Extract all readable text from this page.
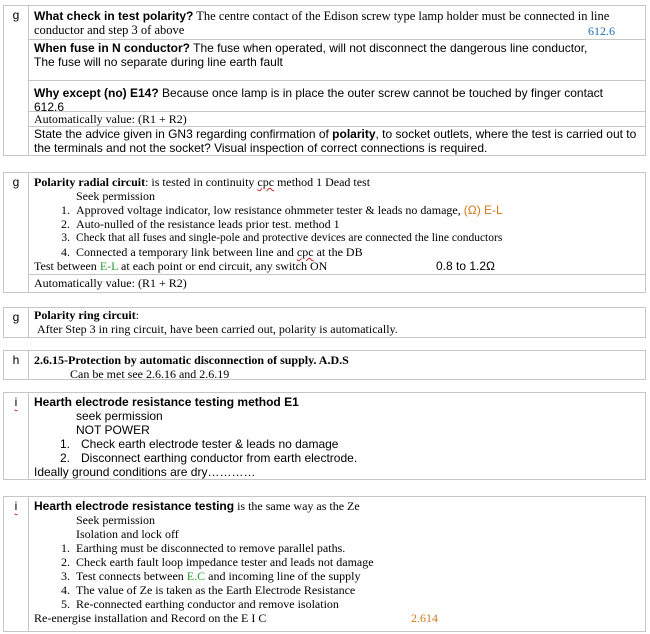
g	What check in test polarity? The centre contact of the Edison screw type lamp holder must be connected in line
conductor and step 3 of above	612.6
When fuse in N conductor? The fuse when operated, will not disconnect the dangerous line conductor,
The fuse will no separate during line earth fault
Why except (no) E14? Because once lamp is in place the outer screw cannot be touched by finger contact
612.6
Automatically value: (R1 + R2)
State the advice given in GN3 regarding confirmation of polarity, to socket outlets, where the test is carried out to
the terminals and not the socket? Visual inspection of correct connections is required.
g	Polarity radial circuit: is tested in continuity cpc method 1 Dead test
Seek permission
1. Approved voltage indicator, low resistance ohmmeter tester & leads no damage, (Ω) E-L
2. Auto-nulled of the resistance leads prior test. method 1
3. Check that all fuses and single-pole and protective devices are connected the line conductors
4. Connected a temporary link between line and cpc at the DB
Test between E-L at each point or end circuit, any switch ON	0.8 to 1.2Ω
Automatically value: (R1 + R2)
g	Polarity ring circuit:
After Step 3 in ring circuit, have been carried out, polarity is automatically.
h	2.6.15-Protection by automatic disconnection of supply. A.D.S
Can be met see 2.6.16 and 2.6.19
i	Hearth electrode resistance testing method E1
seek permission
NOT POWER
1. Check earth electrode tester & leads no damage
2. Disconnect earthing conductor from earth electrode.
Ideally ground conditions are dry…………
i	Hearth electrode resistance testing is the same way as the Ze
Seek permission
Isolation and lock off
1. Earthing must be disconnected to remove parallel paths.
2. Check earth fault loop impedance tester and leads not damage
3. Test connects between E.C and incoming line of the supply
4. The value of Ze is taken as the Earth Electrode Resistance
5. Re-connected earthing conductor and remove isolation
Re-energise installation and Record on the E I C	2.614
